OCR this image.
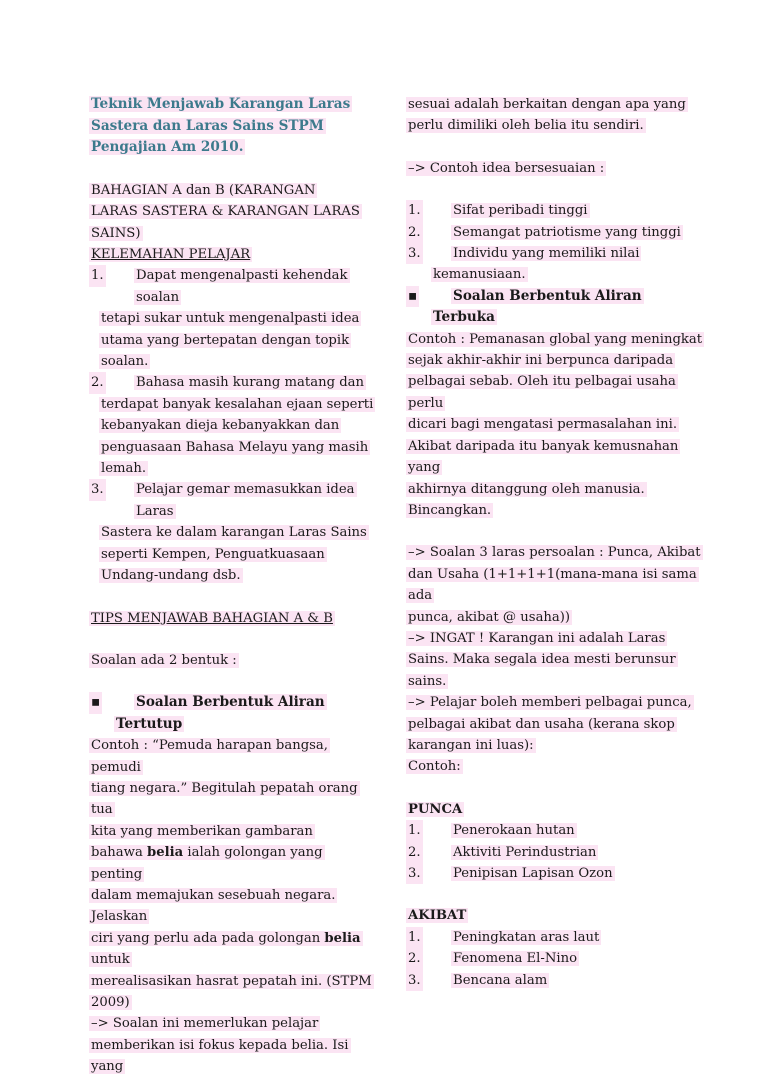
Teknik Menjawab Karangan Laras

Sastera dan Laras Sains STPM

Pengajian Am 2010.

BAHAGIAN A dan B (KARANGAN

LARAS SASTERA & KARANGAN LARAS

SAINS)

KELEMAHAN PELAJAR

1. Dapat mengenalpasti kehendak soalan
tetapi sukar untuk mengenalpasti idea
utama yang bertepatan dengan topik
soalan.
2. Bahasa masih kurang matang dan
terdapat banyak kesalahan ejaan seperti
kebanyakan dieja kebanyakkan dan
penguasaan Bahasa Melayu yang masih
lemah.
3. Pelajar gemar memasukkan idea Laras
Sastera ke dalam karangan Laras Sains
seperti Kempen, Penguatkuasaan
Undang-undang dsb.

TIPS MENJAWAB BAHAGIAN A & B

Soalan ada 2 bentuk :

▪	Soalan Berbentuk Aliran
Tertutup

Contoh : “Pemuda harapan bangsa, pemudi

tiang negara.” Begitulah pepatah orang tua

kita yang memberikan gambaran

bahawa belia ialah golongan yang penting

dalam memajukan sesebuah negara. Jelaskan

ciri yang perlu ada pada golongan belia untuk

merealisasikan hasrat pepatah ini. (STPM

2009)

–> Soalan ini memerlukan pelajar

memberikan isi fokus kepada belia. Isi yang

sesuai adalah berkaitan dengan apa yang

perlu dimiliki oleh belia itu sendiri.

–> Contoh idea bersesuaian :

1. Sifat peribadi tinggi
2. Semangat patriotisme yang tinggi
3. Individu yang memiliki nilai
kemanusiaan.
▪	Soalan Berbentuk Aliran
Terbuka

Contoh : Pemanasan global yang meningkat

sejak akhir-akhir ini berpunca daripada

pelbagai sebab. Oleh itu pelbagai usaha perlu

dicari bagi mengatasi permasalahan ini.

Akibat daripada itu banyak kemusnahan yang

akhirnya ditanggung oleh manusia.

Bincangkan.

–> Soalan 3 laras persoalan : Punca, Akibat

dan Usaha (1+1+1+1(mana-mana isi sama ada

punca, akibat @ usaha))

–> INGAT ! Karangan ini adalah Laras

Sains. Maka segala idea mesti berunsur sains.

–> Pelajar boleh memberi pelbagai punca,

pelbagai akibat dan usaha (kerana skop

karangan ini luas):

Contoh:

PUNCA

1. Penerokaan hutan
2. Aktiviti Perindustrian
3. Penipisan Lapisan Ozon

AKIBAT

1. Peningkatan aras laut
2. Fenomena El-Nino
3. Bencana alam
